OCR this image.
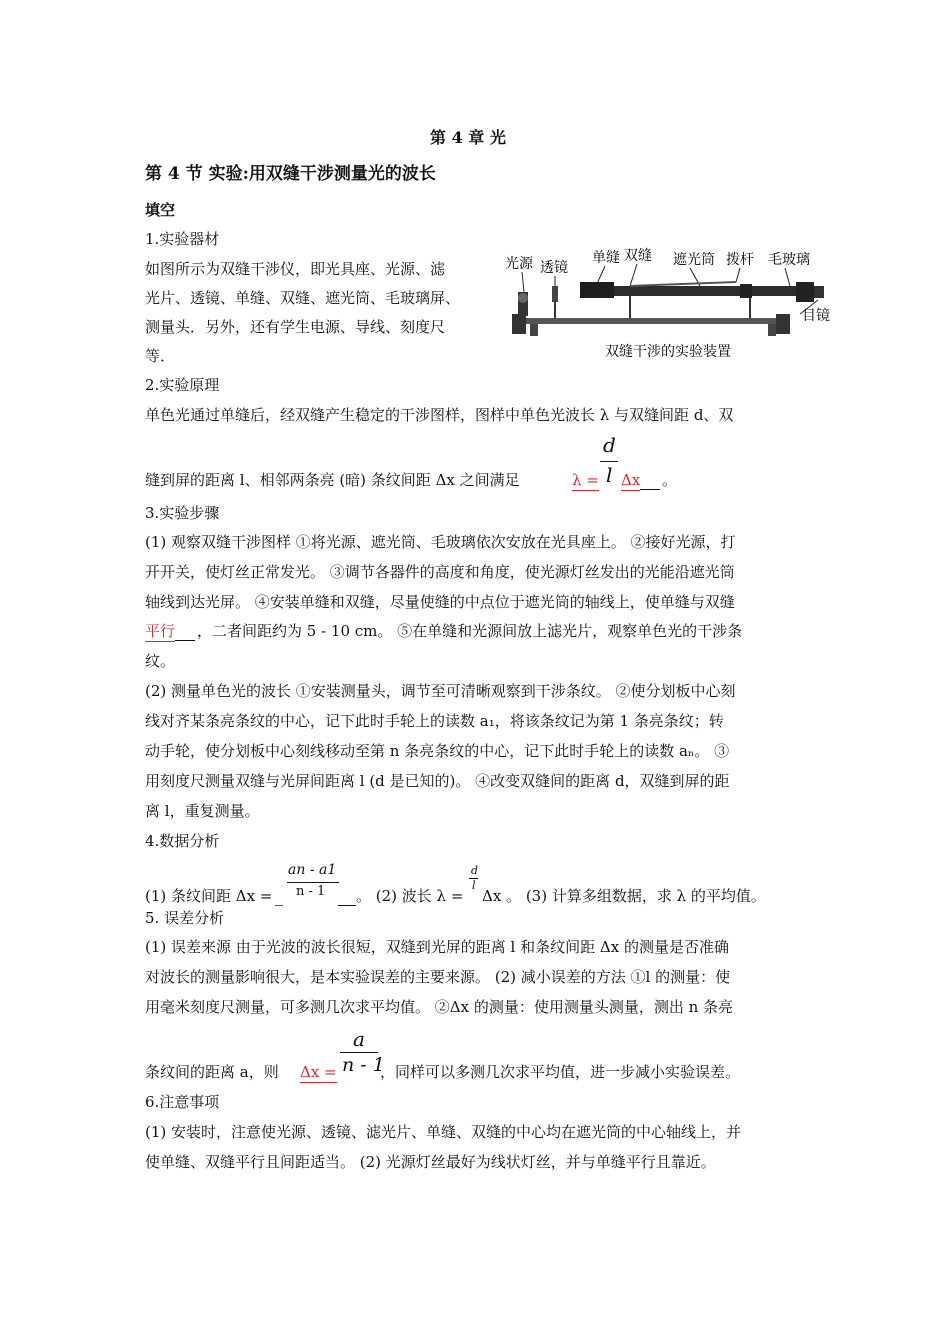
第 4 章 光
第 4 节 实验:用双缝干涉测量光的波长
填空
1.实验器材
如图所示为双缝干涉仪，即光具座、光源、滤
光片、透镜、单缝、双缝、遮光筒、毛玻璃屏、
测量头．另外，还有学生电源、导线、刻度尺
等．
光源 透镜
单缝 双缝 遮光筒 拨杆 毛玻璃
目镜
双缝干涉的实验装置
2.实验原理
单色光通过单缝后，经双缝产生稳定的干涉图样，图样中单色光波长 λ 与双缝间距 d、双
缝到屏的距离 l、相邻两条亮 (暗) 条纹间距 Δx 之间满足	λ =
d
l Δx 。
3.实验步骤
(1) 观察双缝干涉图样 ①将光源、遮光筒、毛玻璃依次安放在光具座上。 ②接好光源，打
开开关，使灯丝正常发光。 ③调节各器件的高度和角度，使光源灯丝发出的光能沿遮光筒
轴线到达光屏。 ④安装单缝和双缝，尽量使缝的中点位于遮光筒的轴线上，使单缝与双缝
平行 ，二者间距约为 5 - 10 cm。 ⑤在单缝和光源间放上滤光片，观察单色光的干涉条
纹。
(2) 测量单色光的波长 ①安装测量头，调节至可清晰观察到干涉条纹。 ②使分划板中心刻
线对齐某条亮条纹的中心，记下此时手轮上的读数 a₁，将该条纹记为第 1 条亮条纹；转
动手轮，使分划板中心刻线移动至第 n 条亮条纹的中心，记下此时手轮上的读数 aₙ。 ③
用刻度尺测量双缝与光屏间距离 l (d 是已知的)。 ④改变双缝间的距离 d，双缝到屏的距
离 l，重复测量。
4.数据分析
(1) 条纹间距 Δx =
an - a1
n - 1 。 (2) 波长 λ =
d
l
Δx 。 (3) 计算多组数据，求 λ 的平均值。
5. 误差分析
(1) 误差来源 由于光波的波长很短，双缝到光屏的距离 l 和条纹间距 Δx 的测量是否准确
对波长的测量影响很大，是本实验误差的主要来源。 (2) 减小误差的方法 ①l 的测量：使
用毫米刻度尺测量，可多测几次求平均值。 ②Δx 的测量：使用测量头测量，测出 n 条亮
条纹间的距离 a，则 Δx =
a
n - 1
，同样可以多测几次求平均值，进一步减小实验误差。
6.注意事项
(1) 安装时，注意使光源、透镜、滤光片、单缝、双缝的中心均在遮光筒的中心轴线上，并
使单缝、双缝平行且间距适当。 (2) 光源灯丝最好为线状灯丝，并与单缝平行且靠近。
